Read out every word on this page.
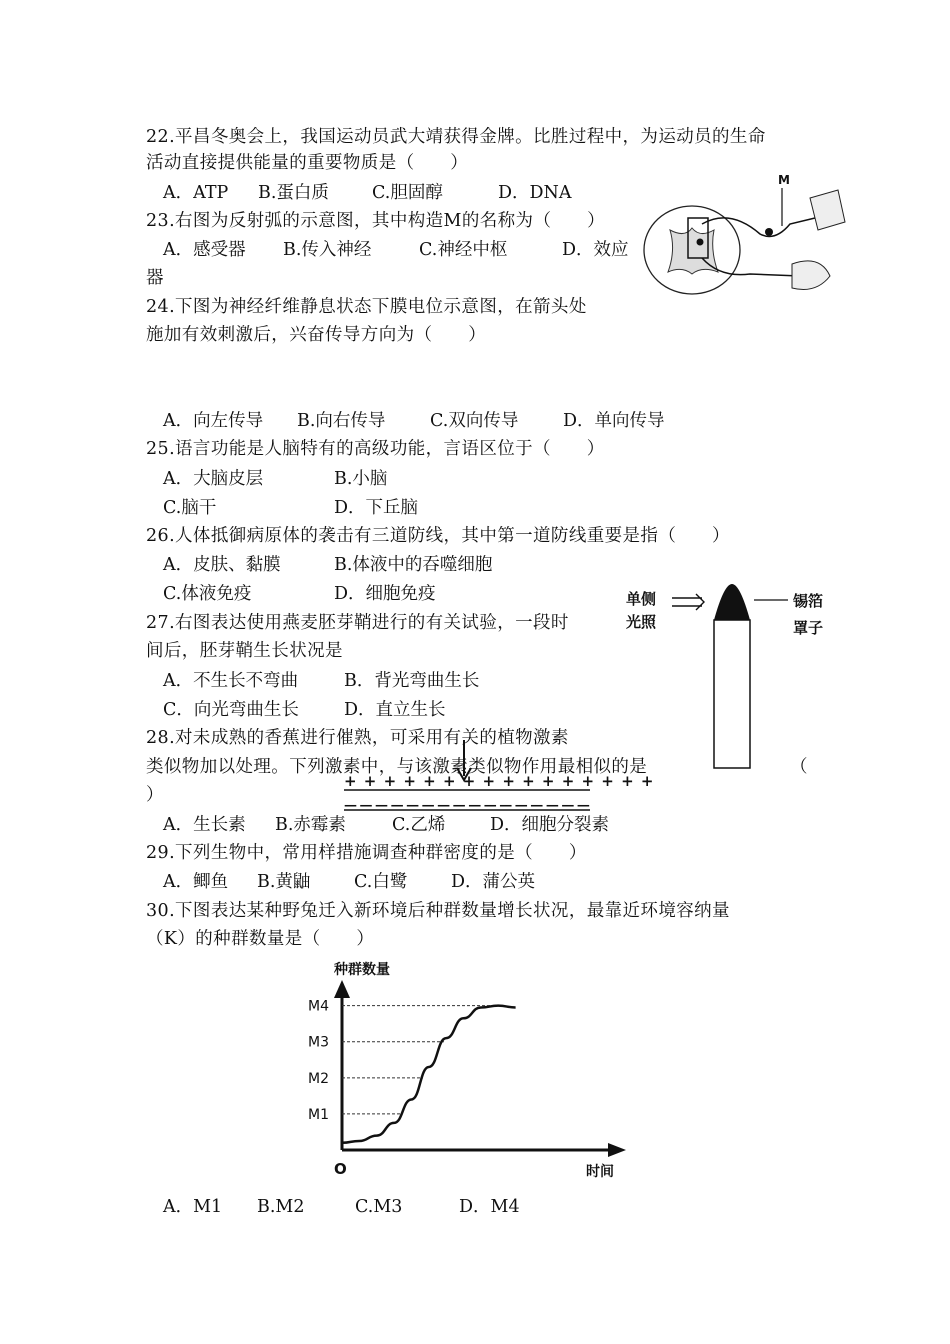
22.平昌冬奥会上，我国运动员武大靖获得金牌。比胜过程中，为运动员的生命
活动直接提供能量的重要物质是（　　）
A．ATP B.蛋白质 C.胆固醇	D．DNA
23.右图为反射弧的示意图，其中构造M的名称为（　　）
A．感受器 B.传入神经	C.神经中枢	D．效应
器
M
24.下图为神经纤维静息状态下膜电位示意图，在箭头处
施加有效刺激后，兴奋传导方向为（　　）
A．向左传导 B.向右传导	C.双向传导	D．单向传导
25.语言功能是人脑特有的高级功能，言语区位于（　　）
A．大脑皮层	B.小脑
C.脑干	D．下丘脑
26.人体抵御病原体的袭击有三道防线，其中第一道防线重要是指（　　）
A．皮肤、黏膜	B.体液中的吞噬细胞
C.体液免疫	D．细胞免疫	单侧
光照
锡箔
罩子
27.右图表达使用燕麦胚芽鞘进行的有关试验，一段时
间后，胚芽鞘生长状况是
A．不生长不弯曲	B．背光弯曲生长
C．向光弯曲生长	D．直立生长
28.对未成熟的香蕉进行催熟，可采用有关的植物激素
类似物加以处理。下列激素中，与该激素类似物作用最相似的是	（
）
+ + + + + + + + + + + + + + + +
— — — — — — — — — — — — — — — —
A．生长素 B.赤霉素	C.乙烯	D．细胞分裂素
29.下列生物中，常用样措施调查种群密度的是（　　）
A．鲫鱼 B.黄鼬 C.白鹭 D．蒲公英
30.下图表达某种野兔迁入新环境后种群数量增长状况，最靠近环境容纳量
（K）的种群数量是（　　）
种群数量
时间
O
M1
M2
M3
M4
A．M1 B.M2	C.M3	D．M4
